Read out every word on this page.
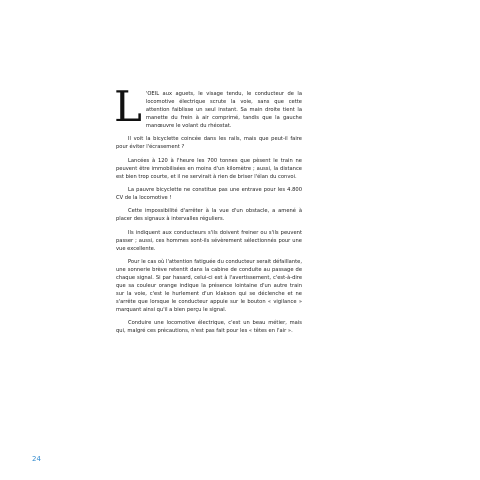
L 'OEIL aux aguets, le visage tendu, le conducteur de la locomotive électrique scrute la voie, sans que cette attention faiblisse un seul instant. Sa main droite tient la manette du frein à air comprimé, tandis que la gauche manœuvre le volant du rhéostat.

Il voit la bicyclette coincée dans les rails, mais que peut-il faire pour éviter l'écrasement ?

Lancées à 120 à l'heure les 700 tonnes que pèsent le train ne peuvent être immobilisées en moins d'un kilomètre ; aussi, la distance est bien trop courte, et il ne servirait à rien de briser l'élan du convoi.

La pauvre bicyclette ne constitue pas une entrave pour les 4.800 CV de la locomotive !

Cette impossibilité d'arrêter à la vue d'un obstacle, a amené à placer des signaux à intervalles réguliers.

Ils indiquent aux conducteurs s'ils doivent freiner ou s'ils peuvent passer ; aussi, ces hommes sont-ils sévèrement sélectionnés pour une vue excellente.

Pour le cas où l'attention fatiguée du conducteur serait défaillante, une sonnerie brève retentit dans la cabine de conduite au passage de chaque signal. Si par hasard, celui-ci est à l'avertissement, c'est-à-dire que sa couleur orange indique la présence lointaine d'un autre train sur la voie, c'est le hurlement d'un klakson qui se déclenche et ne s'arrête que lorsque le conducteur appuie sur le bouton « vigilance » marquant ainsi qu'il a bien perçu le signal.

Conduire une locomotive électrique, c'est un beau métier, mais qui, malgré ces précautions, n'est pas fait pour les « têtes en l'air ».

24
